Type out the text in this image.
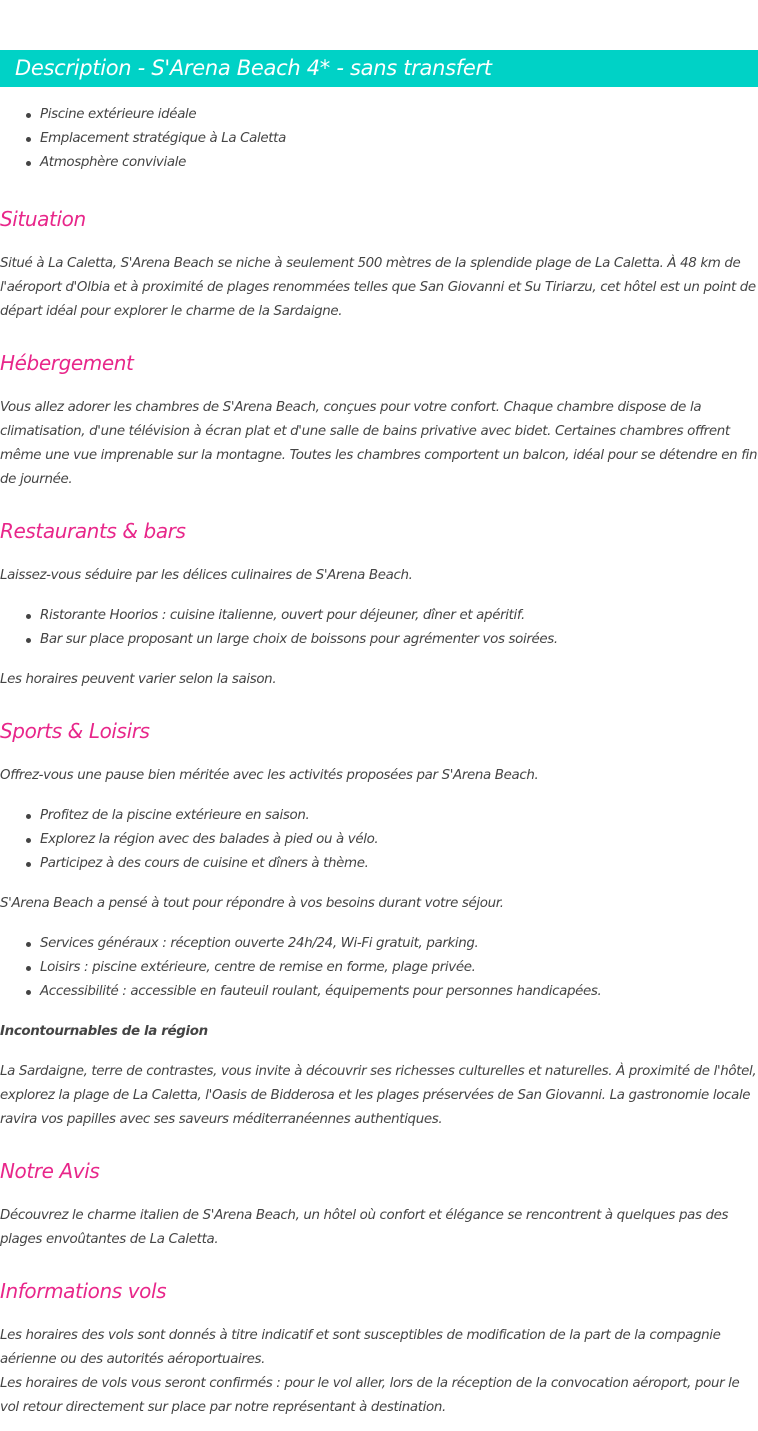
Description - S'Arena Beach 4* - sans transfert
Piscine extérieure idéale
Emplacement stratégique à La Caletta
Atmosphère conviviale
Situation

Situé à La Caletta, S'Arena Beach se niche à seulement 500 mètres de la splendide plage de La Caletta. À 48 km de l'aéroport d'Olbia et à proximité de plages renommées telles que San Giovanni et Su Tiriarzu, cet hôtel est un point de départ idéal pour explorer le charme de la Sardaigne.

Hébergement

Vous allez adorer les chambres de S'Arena Beach, conçues pour votre confort. Chaque chambre dispose de la climatisation, d'une télévision à écran plat et d'une salle de bains privative avec bidet. Certaines chambres offrent même une vue imprenable sur la montagne. Toutes les chambres comportent un balcon, idéal pour se détendre en fin de journée.

Restaurants & bars

Laissez-vous séduire par les délices culinaires de S'Arena Beach.

Ristorante Hoorios : cuisine italienne, ouvert pour déjeuner, dîner et apéritif.
Bar sur place proposant un large choix de boissons pour agrémenter vos soirées.

Les horaires peuvent varier selon la saison.

Sports & Loisirs

Offrez-vous une pause bien méritée avec les activités proposées par S'Arena Beach.

Profitez de la piscine extérieure en saison.
Explorez la région avec des balades à pied ou à vélo.
Participez à des cours de cuisine et dîners à thème.

S'Arena Beach a pensé à tout pour répondre à vos besoins durant votre séjour.

Services généraux : réception ouverte 24h/24, Wi-Fi gratuit, parking.
Loisirs : piscine extérieure, centre de remise en forme, plage privée.
Accessibilité : accessible en fauteuil roulant, équipements pour personnes handicapées.

Incontournables de la région

La Sardaigne, terre de contrastes, vous invite à découvrir ses richesses culturelles et naturelles. À proximité de l'hôtel, explorez la plage de La Caletta, l'Oasis de Bidderosa et les plages préservées de San Giovanni. La gastronomie locale ravira vos papilles avec ses saveurs méditerranéennes authentiques.

Notre Avis

Découvrez le charme italien de S'Arena Beach, un hôtel où confort et élégance se rencontrent à quelques pas des plages envoûtantes de La Caletta.

Informations vols

Les horaires des vols sont donnés à titre indicatif et sont susceptibles de modification de la part de la compagnie aérienne ou des autorités aéroportuaires.

Les horaires de vols vous seront confirmés : pour le vol aller, lors de la réception de la convocation aéroport, pour le vol retour directement sur place par notre représentant à destination.
